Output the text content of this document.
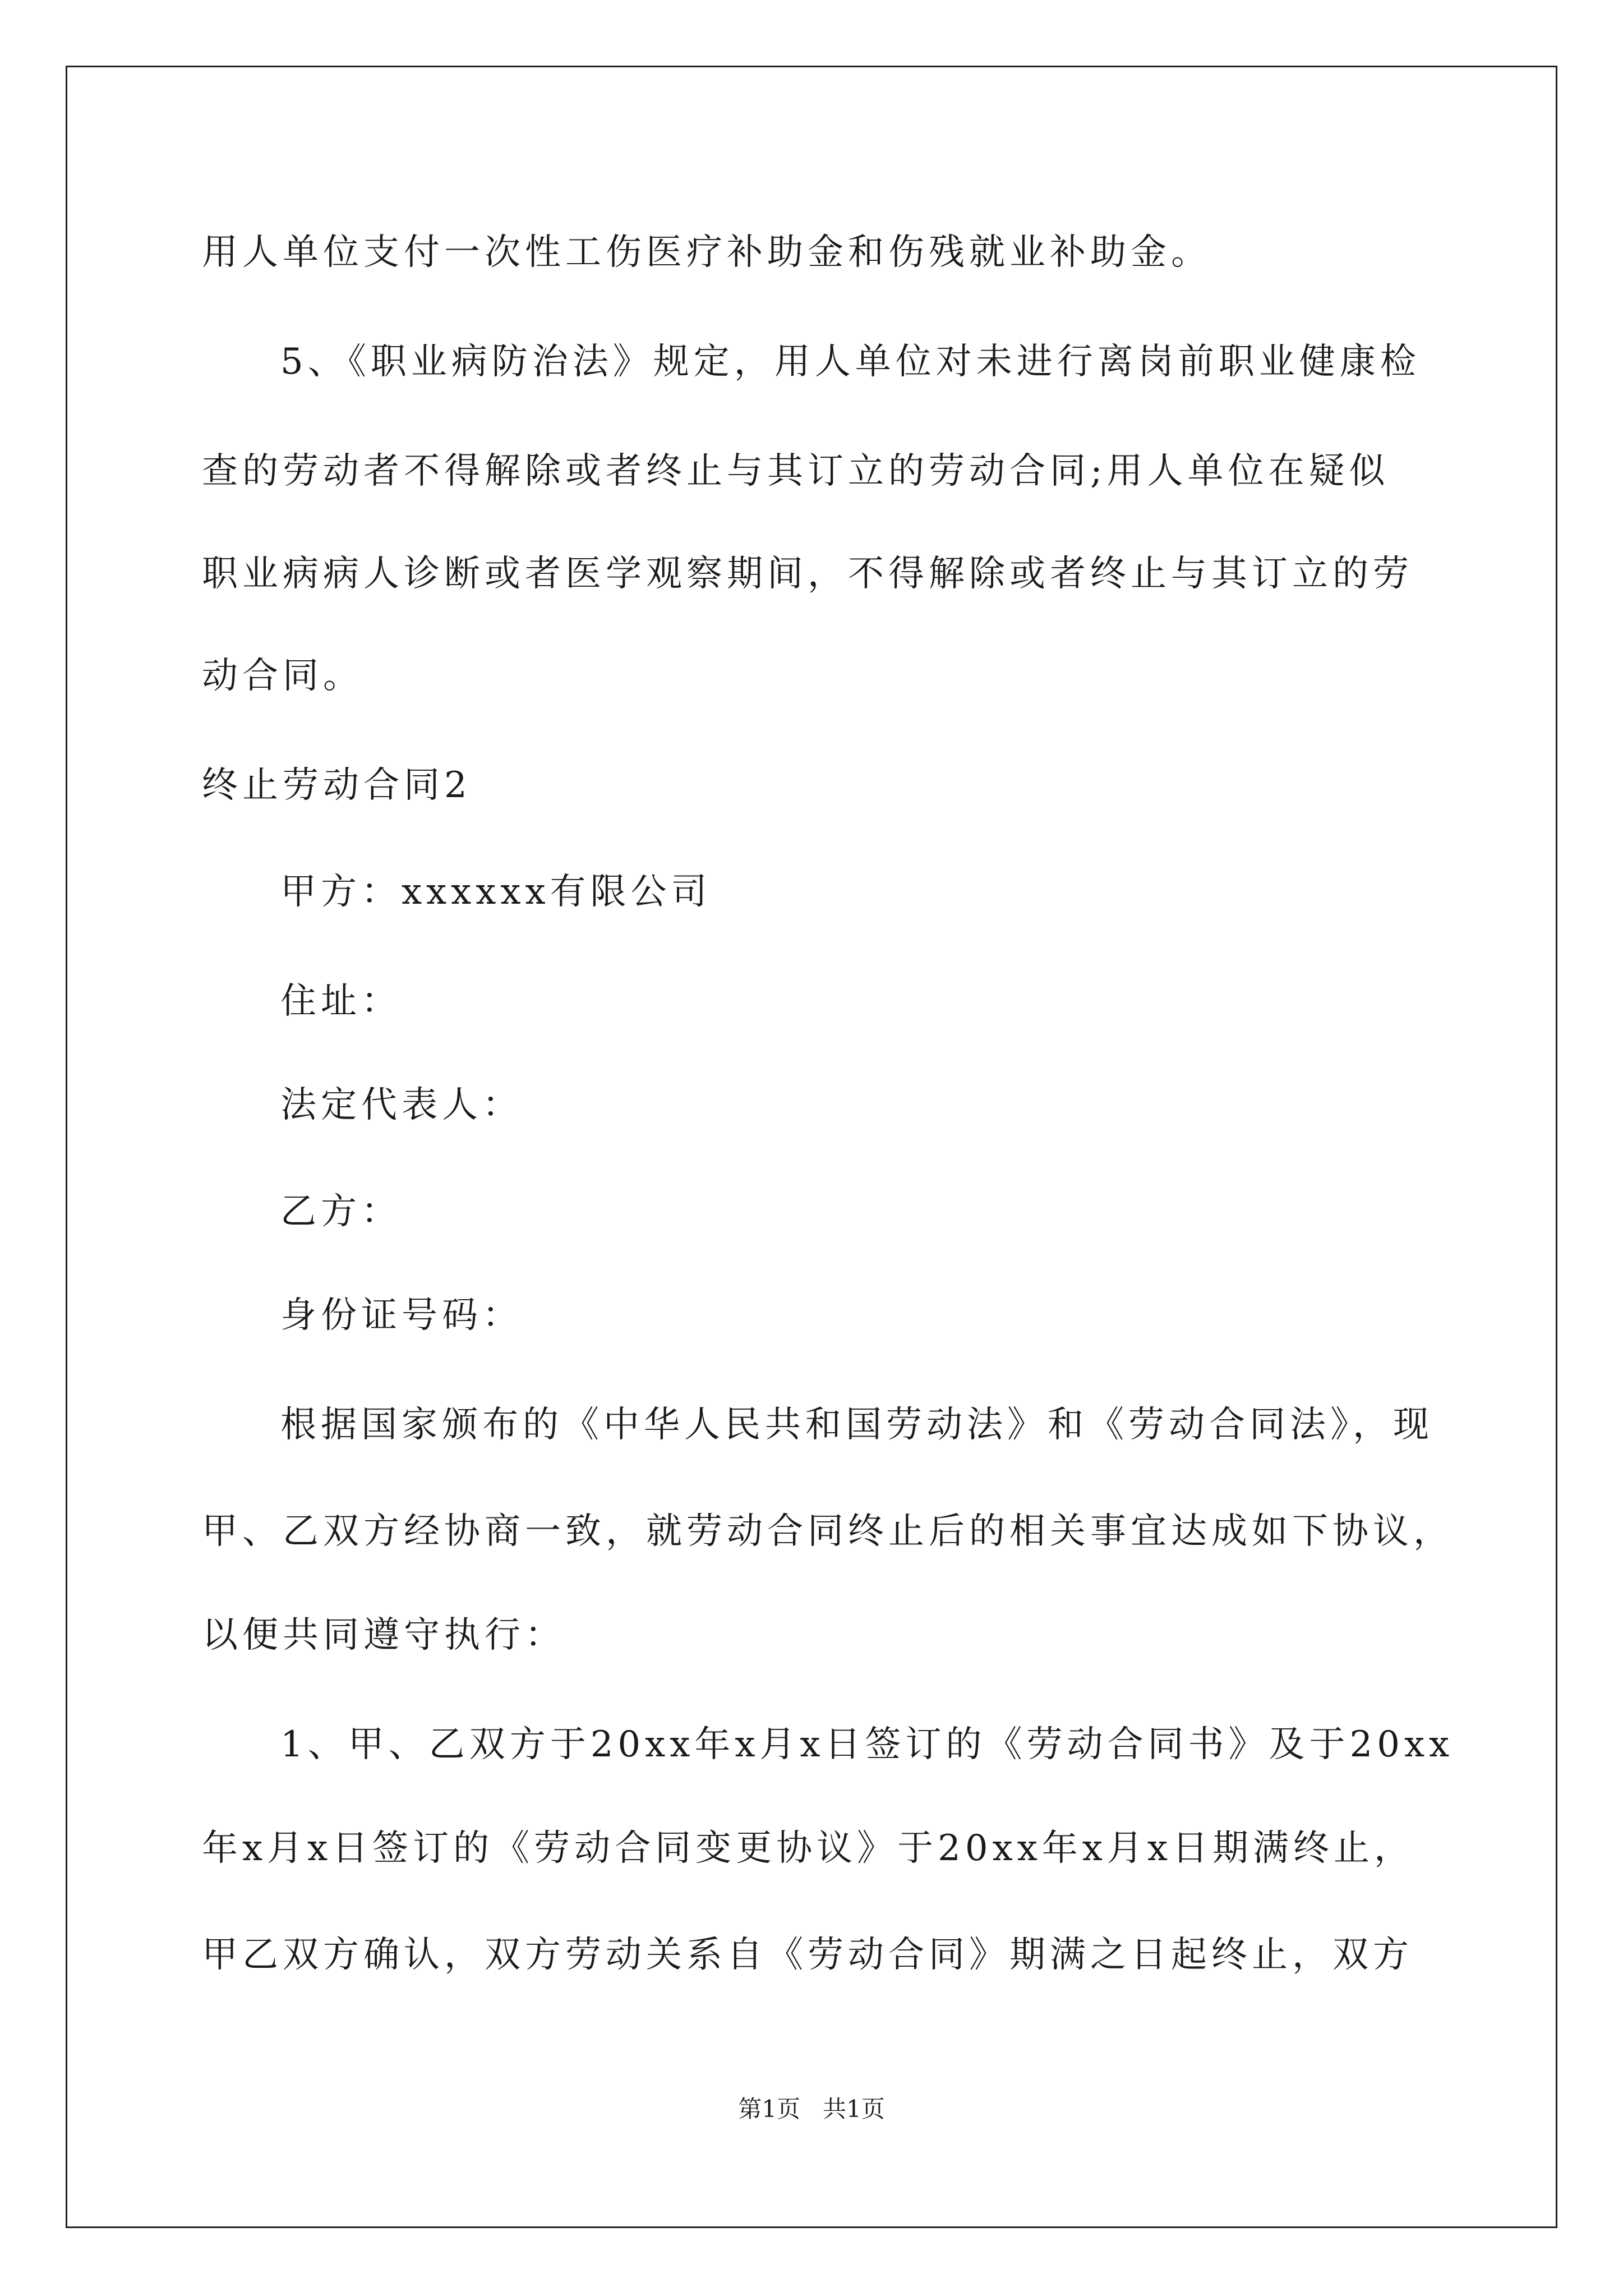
用人单位支付一次性工伤医疗补助金和伤残就业补助金。
5、《职业病防治法》规定，用人单位对未进行离岗前职业健康检
查的劳动者不得解除或者终止与其订立的劳动合同;用人单位在疑似
职业病病人诊断或者医学观察期间，不得解除或者终止与其订立的劳
动合同。
终止劳动合同2
甲方：xxxxxx有限公司
住址：
法定代表人：
乙方：
身份证号码：
根据国家颁布的《中华人民共和国劳动法》和《劳动合同法》，现
甲、乙双方经协商一致，就劳动合同终止后的相关事宜达成如下协议，
以便共同遵守执行：
1、甲、乙双方于20xx年x月x日签订的《劳动合同书》及于20xx
年x月x日签订的《劳动合同变更协议》于20xx年x月x日期满终止，
甲乙双方确认，双方劳动关系自《劳动合同》期满之日起终止，双方
第1页   共1页
